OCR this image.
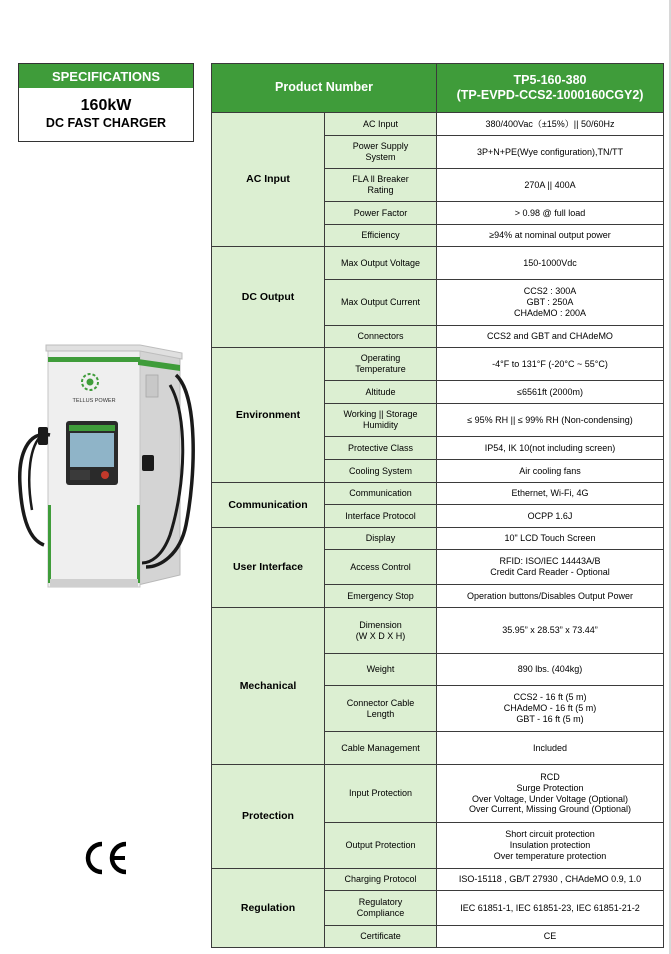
SPECIFICATIONS
160kW
DC FAST CHARGER
TELLUS POWER
Product Number		TP5-160-380
(TP-EVPD-CCS2-1000160CGY2)

AC Input	AC Input	380/400Vac（±15%）|| 50/60Hz

	Power Supply
System	3P+N+PE(Wye configuration),TN/TT

	FLA ll Breaker
Rating	270A || 400A
	Power Factor	> 0.98 @ full load
	Efficiency	≥94% at nominal output power
DC Output	Max Output Voltage	150-1000Vdc
	Max Output Current	CCS2 : 300A
GBT : 250A
CHAdeMO : 200A

	Connectors	CCS2 and GBT and CHAdeMO
Environment	Operating
Temperature	-4°F to 131°F (-20°C ~ 55°C)
	Altitude	≤6561ft (2000m)

	Working || Storage
Humidity	≤ 95% RH || ≤ 99% RH (Non-condensing)
	Protective Class	IP54, IK 10(not including screen)
	Cooling System	Air cooling fans
Communication	Communication	Ethernet, Wi-Fi, 4G
	Interface Protocol	OCPP 1.6J
User Interface	Display	10" LCD Touch Screen
	Access Control	RFID: ISO/IEC 14443A/B
Credit Card Reader - Optional

	Emergency Stop	Operation buttons/Disables Output Power
Mechanical	Dimension
(W X D X H)	35.95” x 28.53” x 73.44”
	Weight	890 lbs. (404kg)

	Connector Cable
Length	CCS2 - 16 ft (5 m)
CHAdeMO - 16 ft (5 m)
GBT - 16 ft (5 m)

	Cable Management	Included
Protection	Input Protection	RCD
Surge Protection
Over Voltage, Under Voltage (Optional)
Over Current, Missing Ground (Optional)

	Output Protection	Short circuit protection
Insulation protection
Over temperature protection

Regulation	Charging Protocol	ISO-15118 , GB/T 27930 , CHAdeMO 0.9, 1.0

	Regulatory
Compliance	IEC 61851-1, IEC 61851-23, IEC 61851-21-2
	Certificate	CE
